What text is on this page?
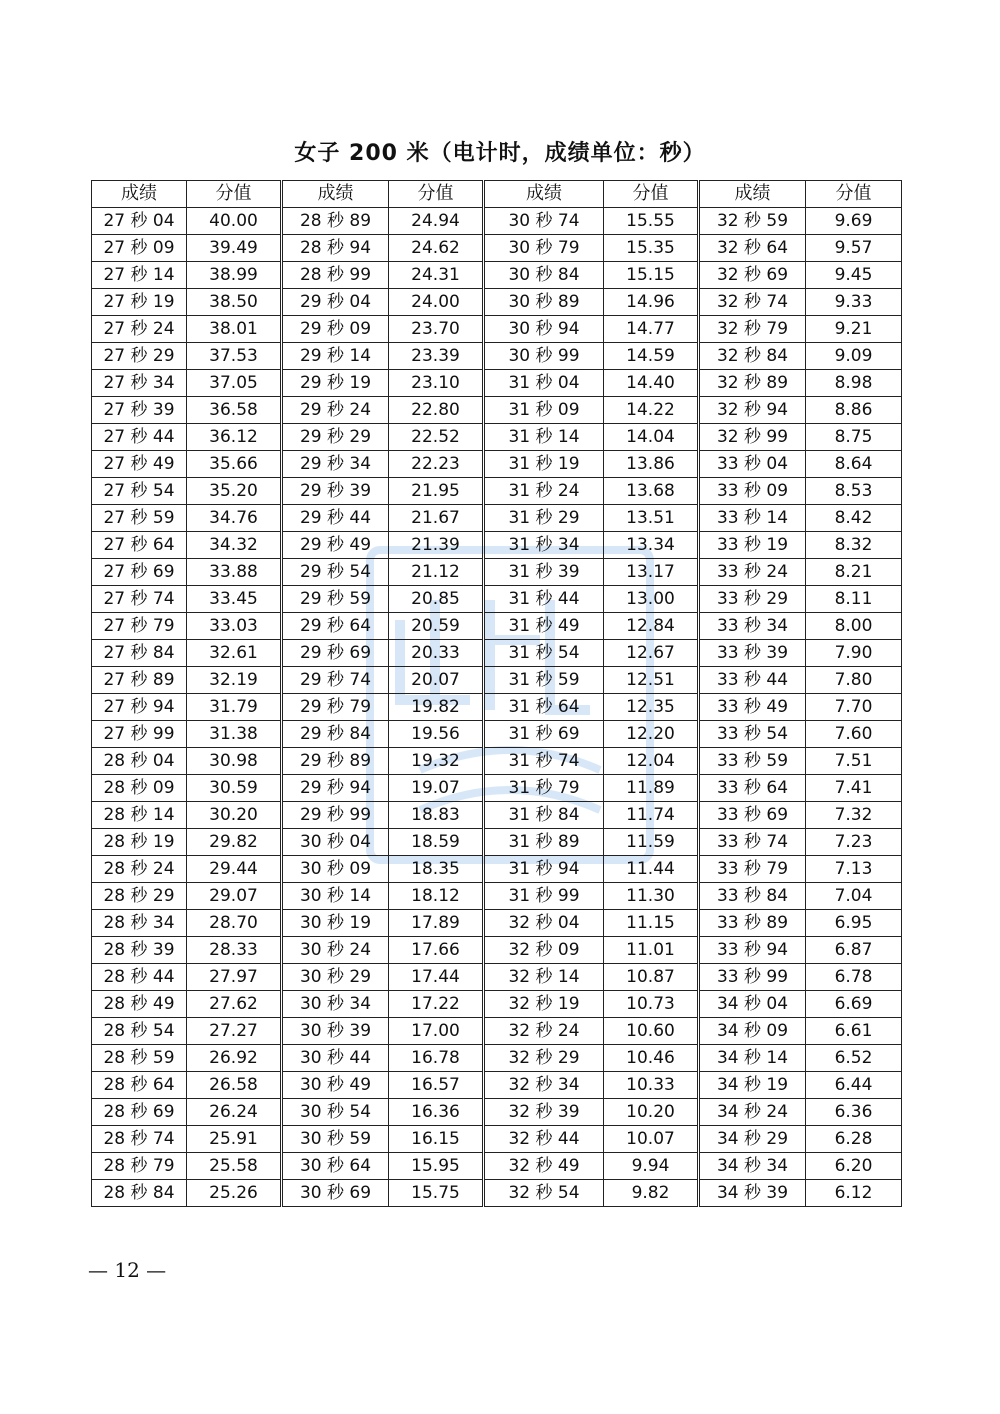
女子 200 米（电计时，成绩单位：秒）
成绩	分值	成绩	分值	成绩	分值	成绩	分值
27 秒 04	40.00	28 秒 89	24.94	30 秒 74	15.55	32 秒 59	9.69
27 秒 09	39.49	28 秒 94	24.62	30 秒 79	15.35	32 秒 64	9.57
27 秒 14	38.99	28 秒 99	24.31	30 秒 84	15.15	32 秒 69	9.45
27 秒 19	38.50	29 秒 04	24.00	30 秒 89	14.96	32 秒 74	9.33
27 秒 24	38.01	29 秒 09	23.70	30 秒 94	14.77	32 秒 79	9.21
27 秒 29	37.53	29 秒 14	23.39	30 秒 99	14.59	32 秒 84	9.09
27 秒 34	37.05	29 秒 19	23.10	31 秒 04	14.40	32 秒 89	8.98
27 秒 39	36.58	29 秒 24	22.80	31 秒 09	14.22	32 秒 94	8.86
27 秒 44	36.12	29 秒 29	22.52	31 秒 14	14.04	32 秒 99	8.75
27 秒 49	35.66	29 秒 34	22.23	31 秒 19	13.86	33 秒 04	8.64
27 秒 54	35.20	29 秒 39	21.95	31 秒 24	13.68	33 秒 09	8.53
27 秒 59	34.76	29 秒 44	21.67	31 秒 29	13.51	33 秒 14	8.42
27 秒 64	34.32	29 秒 49	21.39	31 秒 34	13.34	33 秒 19	8.32
27 秒 69	33.88	29 秒 54	21.12	31 秒 39	13.17	33 秒 24	8.21
27 秒 74	33.45	29 秒 59	20.85	31 秒 44	13.00	33 秒 29	8.11
27 秒 79	33.03	29 秒 64	20.59	31 秒 49	12.84	33 秒 34	8.00
27 秒 84	32.61	29 秒 69	20.33	31 秒 54	12.67	33 秒 39	7.90
27 秒 89	32.19	29 秒 74	20.07	31 秒 59	12.51	33 秒 44	7.80
27 秒 94	31.79	29 秒 79	19.82	31 秒 64	12.35	33 秒 49	7.70
27 秒 99	31.38	29 秒 84	19.56	31 秒 69	12.20	33 秒 54	7.60
28 秒 04	30.98	29 秒 89	19.32	31 秒 74	12.04	33 秒 59	7.51
28 秒 09	30.59	29 秒 94	19.07	31 秒 79	11.89	33 秒 64	7.41
28 秒 14	30.20	29 秒 99	18.83	31 秒 84	11.74	33 秒 69	7.32
28 秒 19	29.82	30 秒 04	18.59	31 秒 89	11.59	33 秒 74	7.23
28 秒 24	29.44	30 秒 09	18.35	31 秒 94	11.44	33 秒 79	7.13
28 秒 29	29.07	30 秒 14	18.12	31 秒 99	11.30	33 秒 84	7.04
28 秒 34	28.70	30 秒 19	17.89	32 秒 04	11.15	33 秒 89	6.95
28 秒 39	28.33	30 秒 24	17.66	32 秒 09	11.01	33 秒 94	6.87
28 秒 44	27.97	30 秒 29	17.44	32 秒 14	10.87	33 秒 99	6.78
28 秒 49	27.62	30 秒 34	17.22	32 秒 19	10.73	34 秒 04	6.69
28 秒 54	27.27	30 秒 39	17.00	32 秒 24	10.60	34 秒 09	6.61
28 秒 59	26.92	30 秒 44	16.78	32 秒 29	10.46	34 秒 14	6.52
28 秒 64	26.58	30 秒 49	16.57	32 秒 34	10.33	34 秒 19	6.44
28 秒 69	26.24	30 秒 54	16.36	32 秒 39	10.20	34 秒 24	6.36
28 秒 74	25.91	30 秒 59	16.15	32 秒 44	10.07	34 秒 29	6.28
28 秒 79	25.58	30 秒 64	15.95	32 秒 49	9.94	34 秒 34	6.20
28 秒 84	25.26	30 秒 69	15.75	32 秒 54	9.82	34 秒 39	6.12
— 12 —
